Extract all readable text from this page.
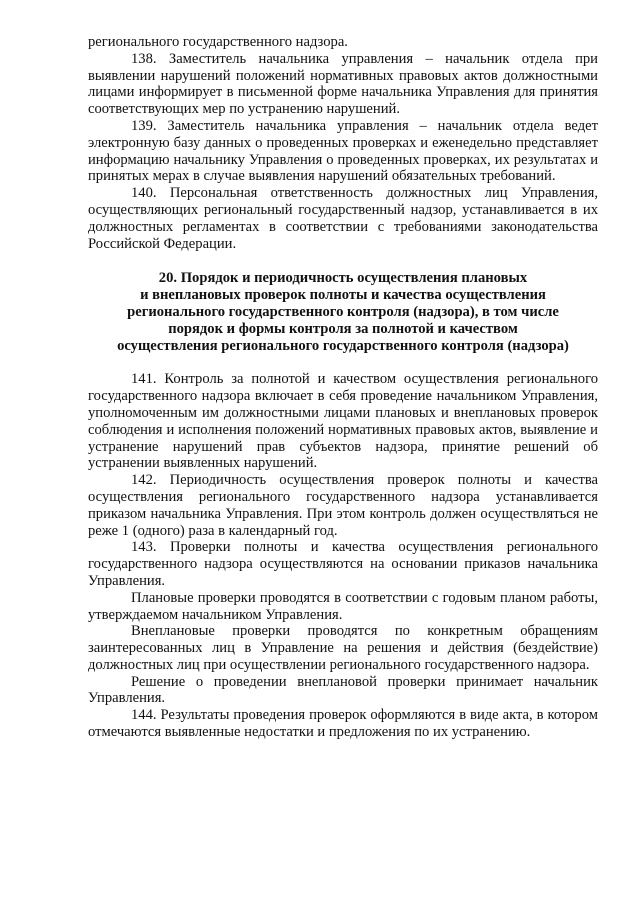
регионального государственного надзора.

138. Заместитель начальника управления – начальник отдела при выявлении нарушений положений нормативных правовых актов должностными лицами информирует в письменной форме начальника Управления для принятия соответствующих мер по устранению нарушений.

139. Заместитель начальника управления – начальник отдела ведет электронную базу данных о проведенных проверках и еженедельно представляет информацию начальнику Управления о проведенных проверках, их результатах и принятых мерах в случае выявления нарушений обязательных требований.

140. Персональная ответственность должностных лиц Управления, осуществляющих региональный государственный надзор, устанавливается в их должностных регламентах в соответствии с требованиями законодательства Российской Федерации.

20. Порядок и периодичность осуществления плановых
и внеплановых проверок полноты и качества осуществления
регионального государственного контроля (надзора), в том числе
порядок и формы контроля за полнотой и качеством
осуществления регионального государственного контроля (надзора)

141. Контроль за полнотой и качеством осуществления регионального государственного надзора включает в себя проведение начальником Управления, уполномоченным им должностными лицами плановых и внеплановых проверок соблюдения и исполнения положений нормативных правовых актов, выявление и устранение нарушений прав субъектов надзора, принятие решений об устранении выявленных нарушений.

142. Периодичность осуществления проверок полноты и качества осуществления регионального государственного надзора устанавливается приказом начальника Управления. При этом контроль должен осуществляться не реже 1 (одного) раза в календарный год.

143. Проверки полноты и качества осуществления регионального государственного надзора осуществляются на основании приказов начальника Управления.

Плановые проверки проводятся в соответствии с годовым планом работы, утверждаемом начальником Управления.

Внеплановые проверки проводятся по конкретным обращениям заинтересованных лиц в Управление на решения и действия (бездействие) должностных лиц при осуществлении регионального государственного надзора.

Решение о проведении внеплановой проверки принимает начальник Управления.

144. Результаты проведения проверок оформляются в виде акта, в котором отмечаются выявленные недостатки и предложения по их устранению.
